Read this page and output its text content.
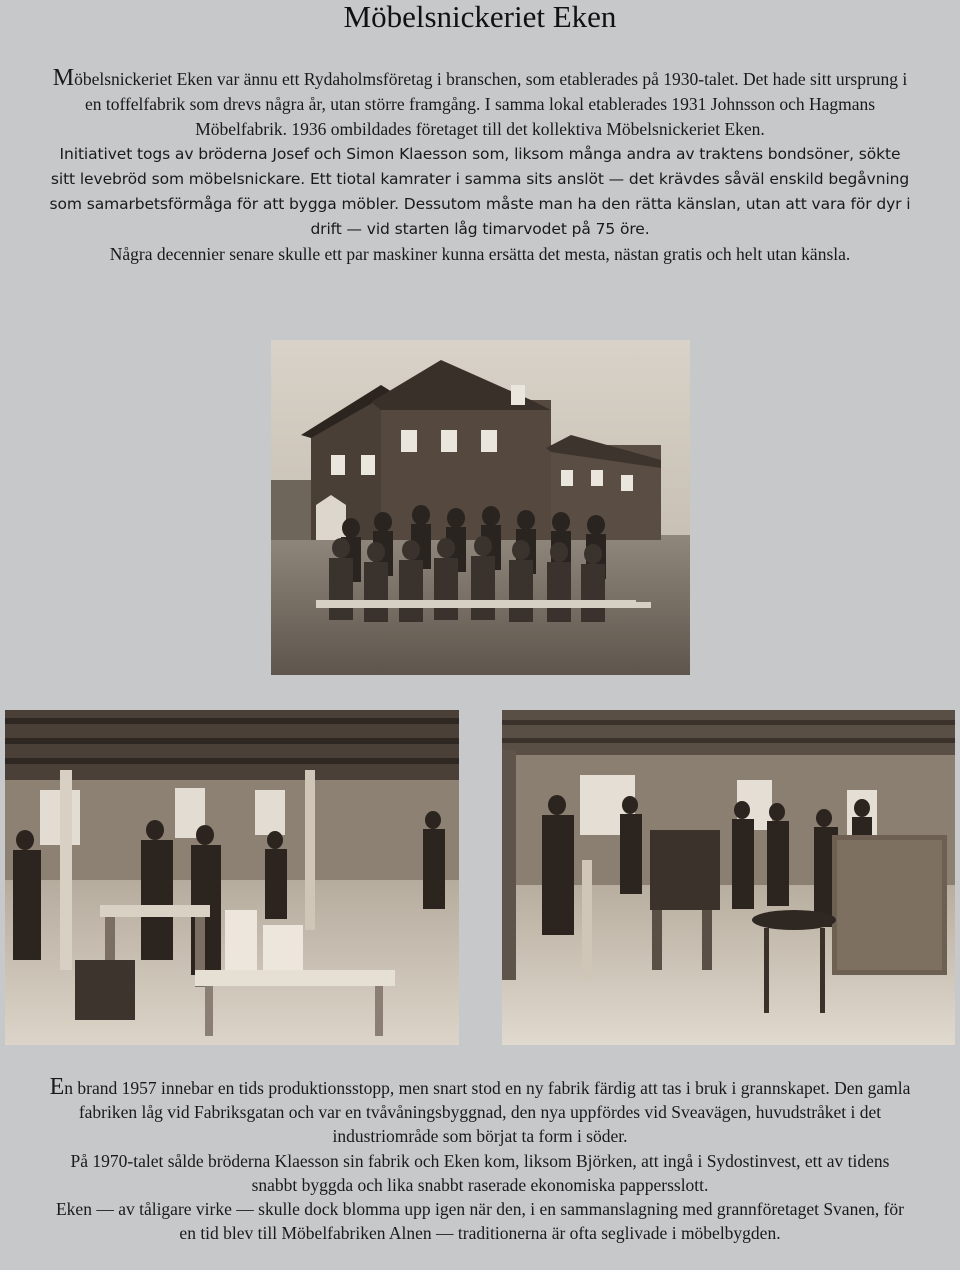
Möbelsnickeriet Eken
Möbelsnickeriet Eken var ännu ett Rydaholmsföretag i branschen, som etablerades på 1930-talet. Det hade sitt ursprung i en toffelfabrik som drevs några år, utan större framgång. I samma lokal etablerades 1931 Johnsson och Hagmans Möbelfabrik. 1936 ombildades företaget till det kollektiva Möbelsnickeriet Eken.
Initiativet togs av bröderna Josef och Simon Klaesson som, liksom många andra av traktens bondsöner, sökte sitt levebröd som möbelsnickare. Ett tiotal kamrater i samma sits anslöt — det krävdes såväl enskild begåvning som samarbetsförmåga för att bygga möbler. Dessutom måste man ha den rätta känslan, utan att vara för dyr i drift — vid starten låg timarvodet på 75 öre.
Några decennier senare skulle ett par maskiner kunna ersätta det mesta, nästan gratis och helt utan känsla.
En brand 1957 innebar en tids produktionsstopp, men snart stod en ny fabrik färdig att tas i bruk i grannskapet. Den gamla fabriken låg vid Fabriksgatan och var en tvåvåningsbyggnad, den nya uppfördes vid Sveavägen, huvudstråket i det industriområde som börjat ta form i söder.
På 1970-talet sålde bröderna Klaesson sin fabrik och Eken kom, liksom Björken, att ingå i Sydostinvest, ett av tidens snabbt byggda och lika snabbt raserade ekonomiska pappersslott.
Eken — av tåligare virke — skulle dock blomma upp igen när den, i en sammanslagning med grannföretaget Svanen, för en tid blev till Möbelfabriken Alnen — traditionerna är ofta seglivade i möbelbygden.
